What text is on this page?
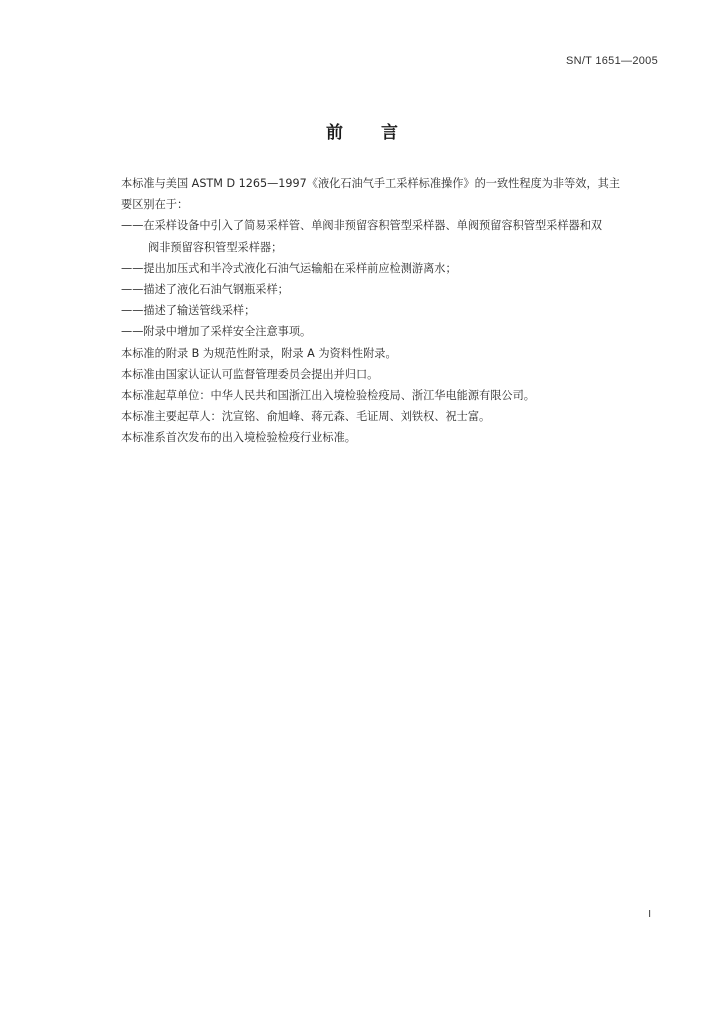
SN/T 1651—2005
前 言
本标准与美国 ASTM D 1265—1997《液化石油气手工采样标准操作》的一致性程度为非等效，其主
要区别在于：
——在采样设备中引入了简易采样管、单阀非预留容积管型采样器、单阀预留容积管型采样器和双
阀非预留容积管型采样器；
——提出加压式和半冷式液化石油气运输船在采样前应检测游离水；
——描述了液化石油气钢瓶采样；
——描述了输送管线采样；
——附录中增加了采样安全注意事项。
本标准的附录 B 为规范性附录，附录 A 为资料性附录。
本标准由国家认证认可监督管理委员会提出并归口。
本标准起草单位：中华人民共和国浙江出入境检验检疫局、浙江华电能源有限公司。
本标准主要起草人：沈宣铭、俞旭峰、蒋元森、毛证周、刘铁权、祝士富。
本标准系首次发布的出入境检验检疫行业标准。
I
